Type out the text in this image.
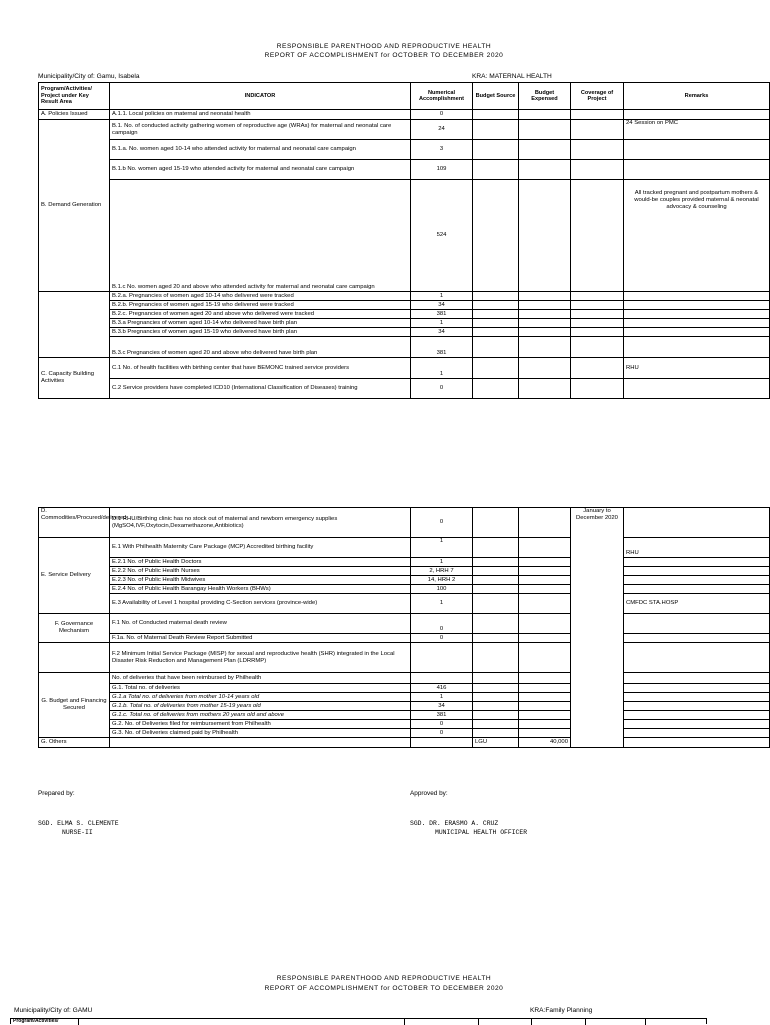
RESPONSIBLE PARENTHOOD AND REPRODUCTIVE HEALTH
REPORT OF ACCOMPLISHMENT for OCTOBER TO DECEMBER 2020
Municipality/City of: Gamu, Isabela	KRA: MATERNAL HEALTH
Program/Activities/ Project under Key Result Area	INDICATOR	Numerical Accomplishment	Budget Source	Budget Expensed	Coverage of Project	Remarks
A. Policies Issued	A.1.1. Local policies on maternal and neonatal health	0				
B. Demand Generation	B.1. No. of conducted activity gathering women of reproductive age (WRAs) for maternal and neonatal care campaign	24				24 Session on PMC
	B.1.a. No. women aged 10-14 who attended activity for maternal and neonatal care campaign	3				
	B.1.b No. women aged 15-19 who attended activity for maternal and neonatal care campaign	109				
	B.1.c No. women aged 20 and above who attended activity for maternal and neonatal care campaign	524				All tracked pregnant and postpartum mothers & would-be couples provided maternal & neonatal advocacy & counseling
	B.2.a. Pregnancies of women aged 10-14 who delivered were tracked	1				
	B.2.b. Pregnancies of women aged 15-19 who delivered were tracked	34				
	B.2.c. Pregnancies of women aged 20 and above who delivered were tracked	381				
	B.3.a Pregnancies of women aged 10-14 who delivered have birth plan	1				
	B.3.b Pregnancies of women aged 15-19 who delivered have birth plan	34				
	B.3.c Pregnancies of women aged 20 and above who delivered have birth plan	381				
C. Capacity Building Activities	C.1 No. of health facilities with birthing center that have BEMONC trained service providers	1				RHU
	C.2 Service providers have completed ICD10 (International Classification of Diseases) training	0				
D. Commodities/Procured/delivered	D.1 RHU/Birthing clinic has no stock out of maternal and newborn emergency supplies (MgSO4,IVF,Oxytocin,Dexamethazone,Antibiotics)	0			January to December 2020	
E. Service Delivery	E.1 With Philhealth Maternity Care Package (MCP) Accredited birthing facility	1				RHU
	E.2.1 No. of Public Health Doctors	1				
	E.2.2 No. of Public Health Nurses	2, HRH 7				
	E.2.3 No. of Public Health Midwives	14, HRH 2				
	E.2.4 No. of Public Health Barangay Health Workers (BHWs)	100				
	E.3 Availability of Level 1 hospital providing C-Section services (province-wide)	1				CMFDC STA.HOSP
F. Governance Mechanism	F.1 No. of Conducted maternal death review	0				
	F.1a. No. of Maternal Death Review Report Submitted	0				
	F.2 Minimum Initial Service Package (MISP) for sexual and reproductive health (SHR) integrated in the Local Disaster Risk Reduction and Management Plan (LDRRMP)					
G. Budget and Financing Secured	No. of deliveries that have been reimbursed by Philhealth					
	G.1. Total no. of deliveries	416				
	G.1.a Total no. of deliveries from mother 10-14 years old	1				
	G.1.b. Total no. of deliveries from mother 15-19 years old	34				
	G.1.c. Total no. of deliveries from mothers 20 years old and above	381				
	G.2. No. of Deliveries filed for reimbursement from Philhealth	0				
	G.3. No. of Deliveries claimed paid by Philhealth	0				
G. Others			LGU	40,000		
Prepared by:	Approved by:
SGD. ELMA S. CLEMENTE
NURSE-II
SGD. DR. ERASMO A. CRUZ
MUNICIPAL HEALTH OFFICER
RESPONSIBLE PARENTHOOD AND REPRODUCTIVE HEALTH
REPORT OF ACCOMPLISHMENT for OCTOBER TO DECEMBER 2020
Municipality/City of: GAMU	KRA:Family Planning
Program/Activities/
